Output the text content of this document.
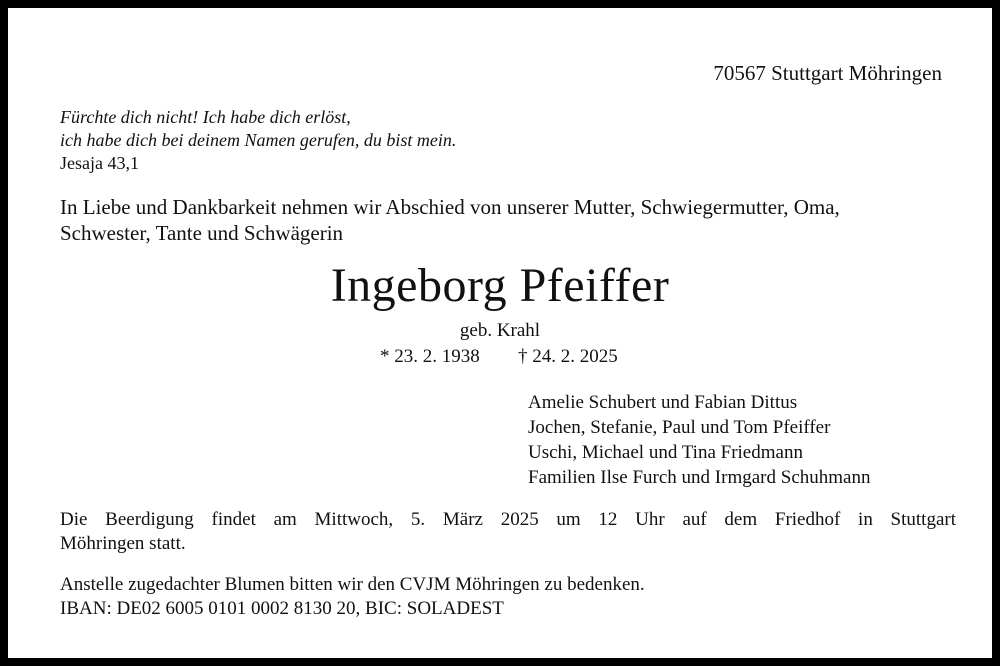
70567 Stuttgart Möhringen

Fürchte dich nicht! Ich habe dich erlöst,

ich habe dich bei deinem Namen gerufen, du bist mein.

Jesaja 43,1

In Liebe und Dankbarkeit nehmen wir Abschied von unserer Mutter, Schwiegermutter, Oma,
Schwester, Tante und Schwägerin

Ingeborg Pfeiffer

geb. Krahl

* 23. 2. 1938 † 24. 2. 2025

Amelie Schubert und Fabian Dittus
Jochen, Stefanie, Paul und Tom Pfeiffer
Uschi, Michael und Tina Friedmann
Familien Ilse Furch und Irmgard Schuhmann
Die Beerdigung findet am Mittwoch, 5. März 2025 um 12 Uhr auf dem Friedhof in Stuttgart
Möhringen statt.
Anstelle zugedachter Blumen bitten wir den CVJM Möhringen zu bedenken.
IBAN: DE02 6005 0101 0002 8130 20, BIC: SOLADEST
